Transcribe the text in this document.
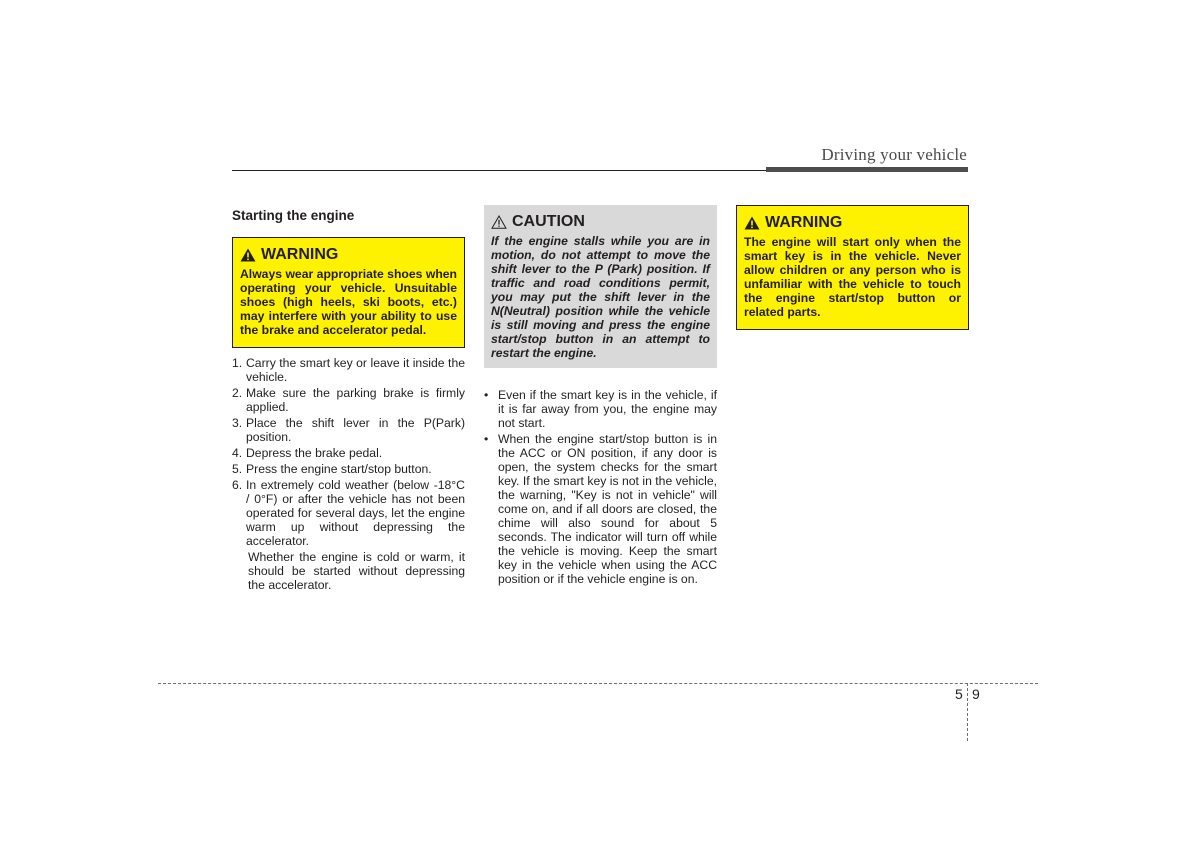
Driving your vehicle
Starting the engine
WARNING
Always wear appropriate shoes when operating your vehicle. Unsuitable shoes (high heels, ski boots, etc.) may interfere with your ability to use the brake and accelerator pedal.
1. Carry the smart key or leave it inside the vehicle.
2. Make sure the parking brake is firmly applied.
3. Place the shift lever in the P(Park) position.
4. Depress the brake pedal.
5. Press the engine start/stop button.
6. In extremely cold weather (below -18°C / 0°F) or after the vehicle has not been operated for several days, let the engine warm up without depressing the accelerator.
Whether the engine is cold or warm, it should be started without depressing the accelerator.
CAUTION
If the engine stalls while you are in motion, do not attempt to move the shift lever to the P (Park) position. If traffic and road conditions permit, you may put the shift lever in the N(Neutral) position while the vehicle is still moving and press the engine start/stop button in an attempt to restart the engine.
• Even if the smart key is in the vehicle, if it is far away from you, the engine may not start.
• When the engine start/stop button is in the ACC or ON position, if any door is open, the system checks for the smart key. If the smart key is not in the vehicle, the warning, "Key is not in vehicle" will come on, and if all doors are closed, the chime will also sound for about 5 seconds. The indicator will turn off while the vehicle is moving. Keep the smart key in the vehicle when using the ACC position or if the vehicle engine is on.
WARNING
The engine will start only when the smart key is in the vehicle. Never allow children or any person who is unfamiliar with the vehicle to touch the engine start/stop button or related parts.
5 9
